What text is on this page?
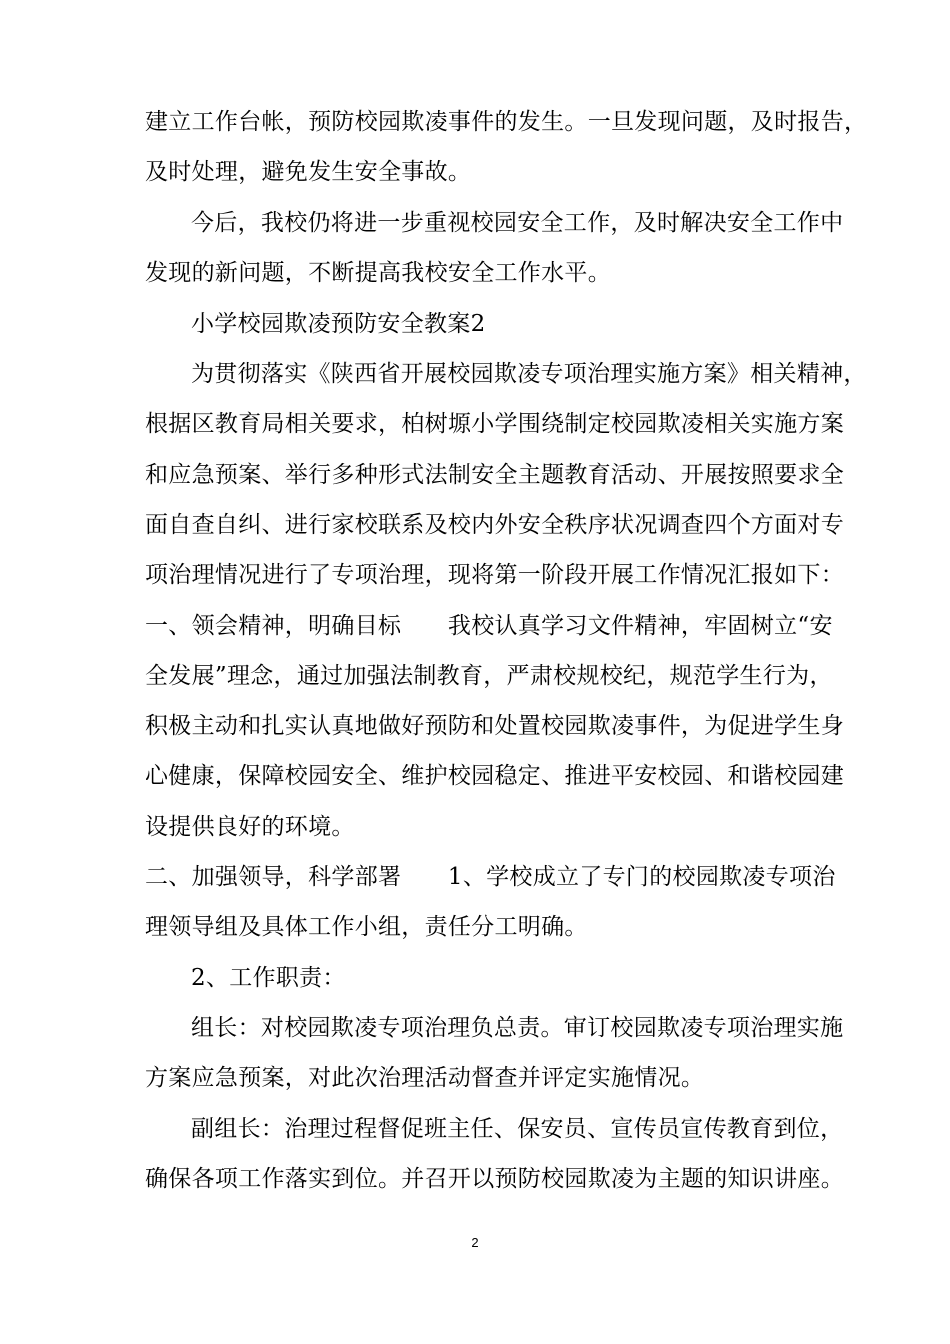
建立工作台帐，预防校园欺凌事件的发生。一旦发现问题，及时报告，
及时处理，避免发生安全事故。
今后，我校仍将进一步重视校园安全工作，及时解决安全工作中
发现的新问题，不断提高我校安全工作水平。
小学校园欺凌预防安全教案2
为贯彻落实《陕西省开展校园欺凌专项治理实施方案》相关精神，
根据区教育局相关要求，柏树塬小学围绕制定校园欺凌相关实施方案
和应急预案、举行多种形式法制安全主题教育活动、开展按照要求全
面自查自纠、进行家校联系及校内外安全秩序状况调查四个方面对专
项治理情况进行了专项治理，现将第一阶段开展工作情况汇报如下：
一、领会精神，明确目标　　我校认真学习文件精神，牢固树立“安
全发展”理念，通过加强法制教育，严肃校规校纪，规范学生行为，
积极主动和扎实认真地做好预防和处置校园欺凌事件，为促进学生身
心健康，保障校园安全、维护校园稳定、推进平安校园、和谐校园建
设提供良好的环境。
二、加强领导，科学部署　　1、学校成立了专门的校园欺凌专项治
理领导组及具体工作小组，责任分工明确。
2、工作职责：
组长：对校园欺凌专项治理负总责。审订校园欺凌专项治理实施
方案应急预案，对此次治理活动督查并评定实施情况。
副组长：治理过程督促班主任、保安员、宣传员宣传教育到位，
确保各项工作落实到位。并召开以预防校园欺凌为主题的知识讲座。
2
